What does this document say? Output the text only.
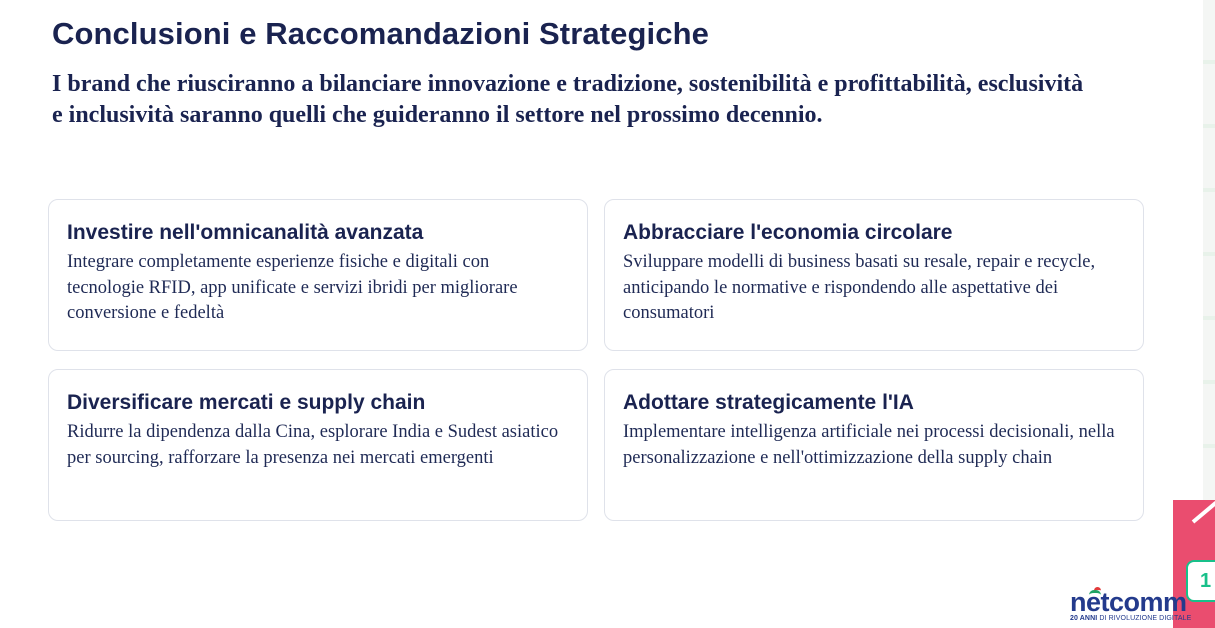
Conclusioni e Raccomandazioni Strategiche

I brand che riusciranno a bilanciare innovazione e tradizione, sostenibilità e profittabilità, esclusività e inclusività saranno quelli che guideranno il settore nel prossimo decennio.

Investire nell'omnicanalità avanzata
Integrare completamente esperienze fisiche e digitali con tecnologie RFID, app unificate e servizi ibridi per migliorare conversione e fedeltà
Abbracciare l'economia circolare
Sviluppare modelli di business basati su resale, repair e recycle, anticipando le normative e rispondendo alle aspettative dei consumatori
Diversificare mercati e supply chain
Ridurre la dipendenza dalla Cina, esplorare India e Sudest asiatico per sourcing, rafforzare la presenza nei mercati emergenti
Adottare strategicamente l'IA
Implementare intelligenza artificiale nei processi decisionali, nella personalizzazione e nell'ottimizzazione della supply chain
1
netcomm
20 ANNI DI RIVOLUZIONE DIGITALE
